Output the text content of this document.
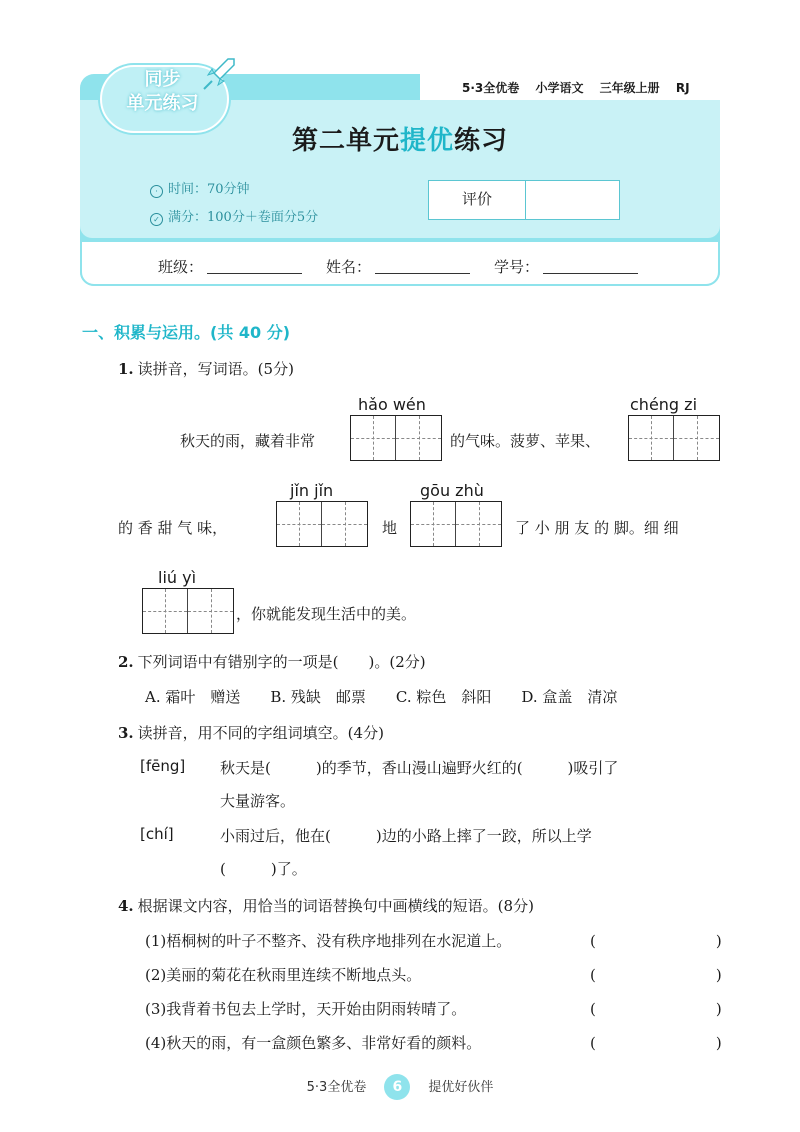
同步
单元练习
5·3全优卷 小学语文 三年级上册 RJ
第二单元提优练习
· 时间：70分钟
✓ 满分：100分＋卷面分5分
评价
班级：	姓名：	学号：
一、积累与运用。(共 40 分)
1. 读拼音，写词语。(5分)
hǎo wén	chéng zi
秋天的雨，藏着非常	的气味。菠萝、苹果、
jǐn jǐn	gōu zhù
的 香 甜 气 味，	地	了 小 朋 友 的 脚。细 细
liú yì
，你就能发现生活中的美。
2. 下列词语中有错别字的一项是(　　)。(2分)
A. 霜叶　赠送　　B. 残缺　邮票　　C. 粽色　斜阳　　D. 盒盖　清凉
3. 读拼音，用不同的字组词填空。(4分)
[fēng] 秋天是(　　　)的季节，香山漫山遍野火红的(　　　)吸引了
大量游客。
[chí]	小雨过后，他在(　　　)边的小路上摔了一跤，所以上学
(　　　)了。
4. 根据课文内容，用恰当的词语替换句中画横线的短语。(8分)
(1)梧桐树的叶子不整齐、没有秩序地排列在水泥道上。	(　　　　　　　　)
(2)美丽的菊花在秋雨里连续不断地点头。	(　　　　　　　　)
(3)我背着书包去上学时，天开始由阴雨转晴了。	(　　　　　　　　)
(4)秋天的雨，有一盒颜色繁多、非常好看的颜料。	(　　　　　　　　)
5·3全优卷 6 提优好伙伴
